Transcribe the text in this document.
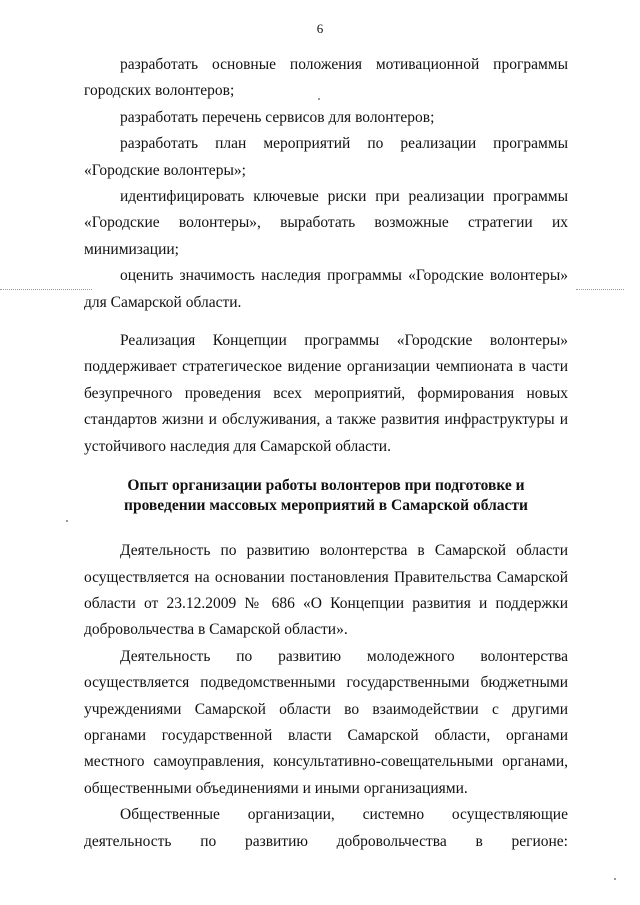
6

разработать основные положения мотивационной программы городских волонтеров;

разработать перечень сервисов для волонтеров;

разработать план мероприятий по реализации программы «Городские волонтеры»;

идентифицировать ключевые риски при реализации программы «Городские волонтеры», выработать возможные стратегии их минимизации;

оценить значимость наследия программы «Городские волонтеры» для Самарской области.

Реализация Концепции программы «Городские волонтеры» поддерживает стратегическое видение организации чемпионата в части безупречного проведения всех мероприятий, формирования новых стандартов жизни и обслуживания, а также развития инфраструктуры и устойчивого наследия для Самарской области.

Опыт организации работы волонтеров при подготовке и
проведении массовых мероприятий в Самарской области

Деятельность по развитию волонтерства в Самарской области осуществляется на основании постановления Правительства Самарской области от 23.12.2009 № 686 «О Концепции развития и поддержки добровольчества в Самарской области».

Деятельность по развитию молодежного волонтерства осуществляется подведомственными государственными бюджетными учреждениями Самарской области во взаимодействии с другими органами государственной власти Самарской области, органами местного самоуправления, консультативно-совещательными органами, общественными объединениями и иными организациями.

Общественные организации, системно осуществляющие деятельность по развитию добровольчества в регионе:
